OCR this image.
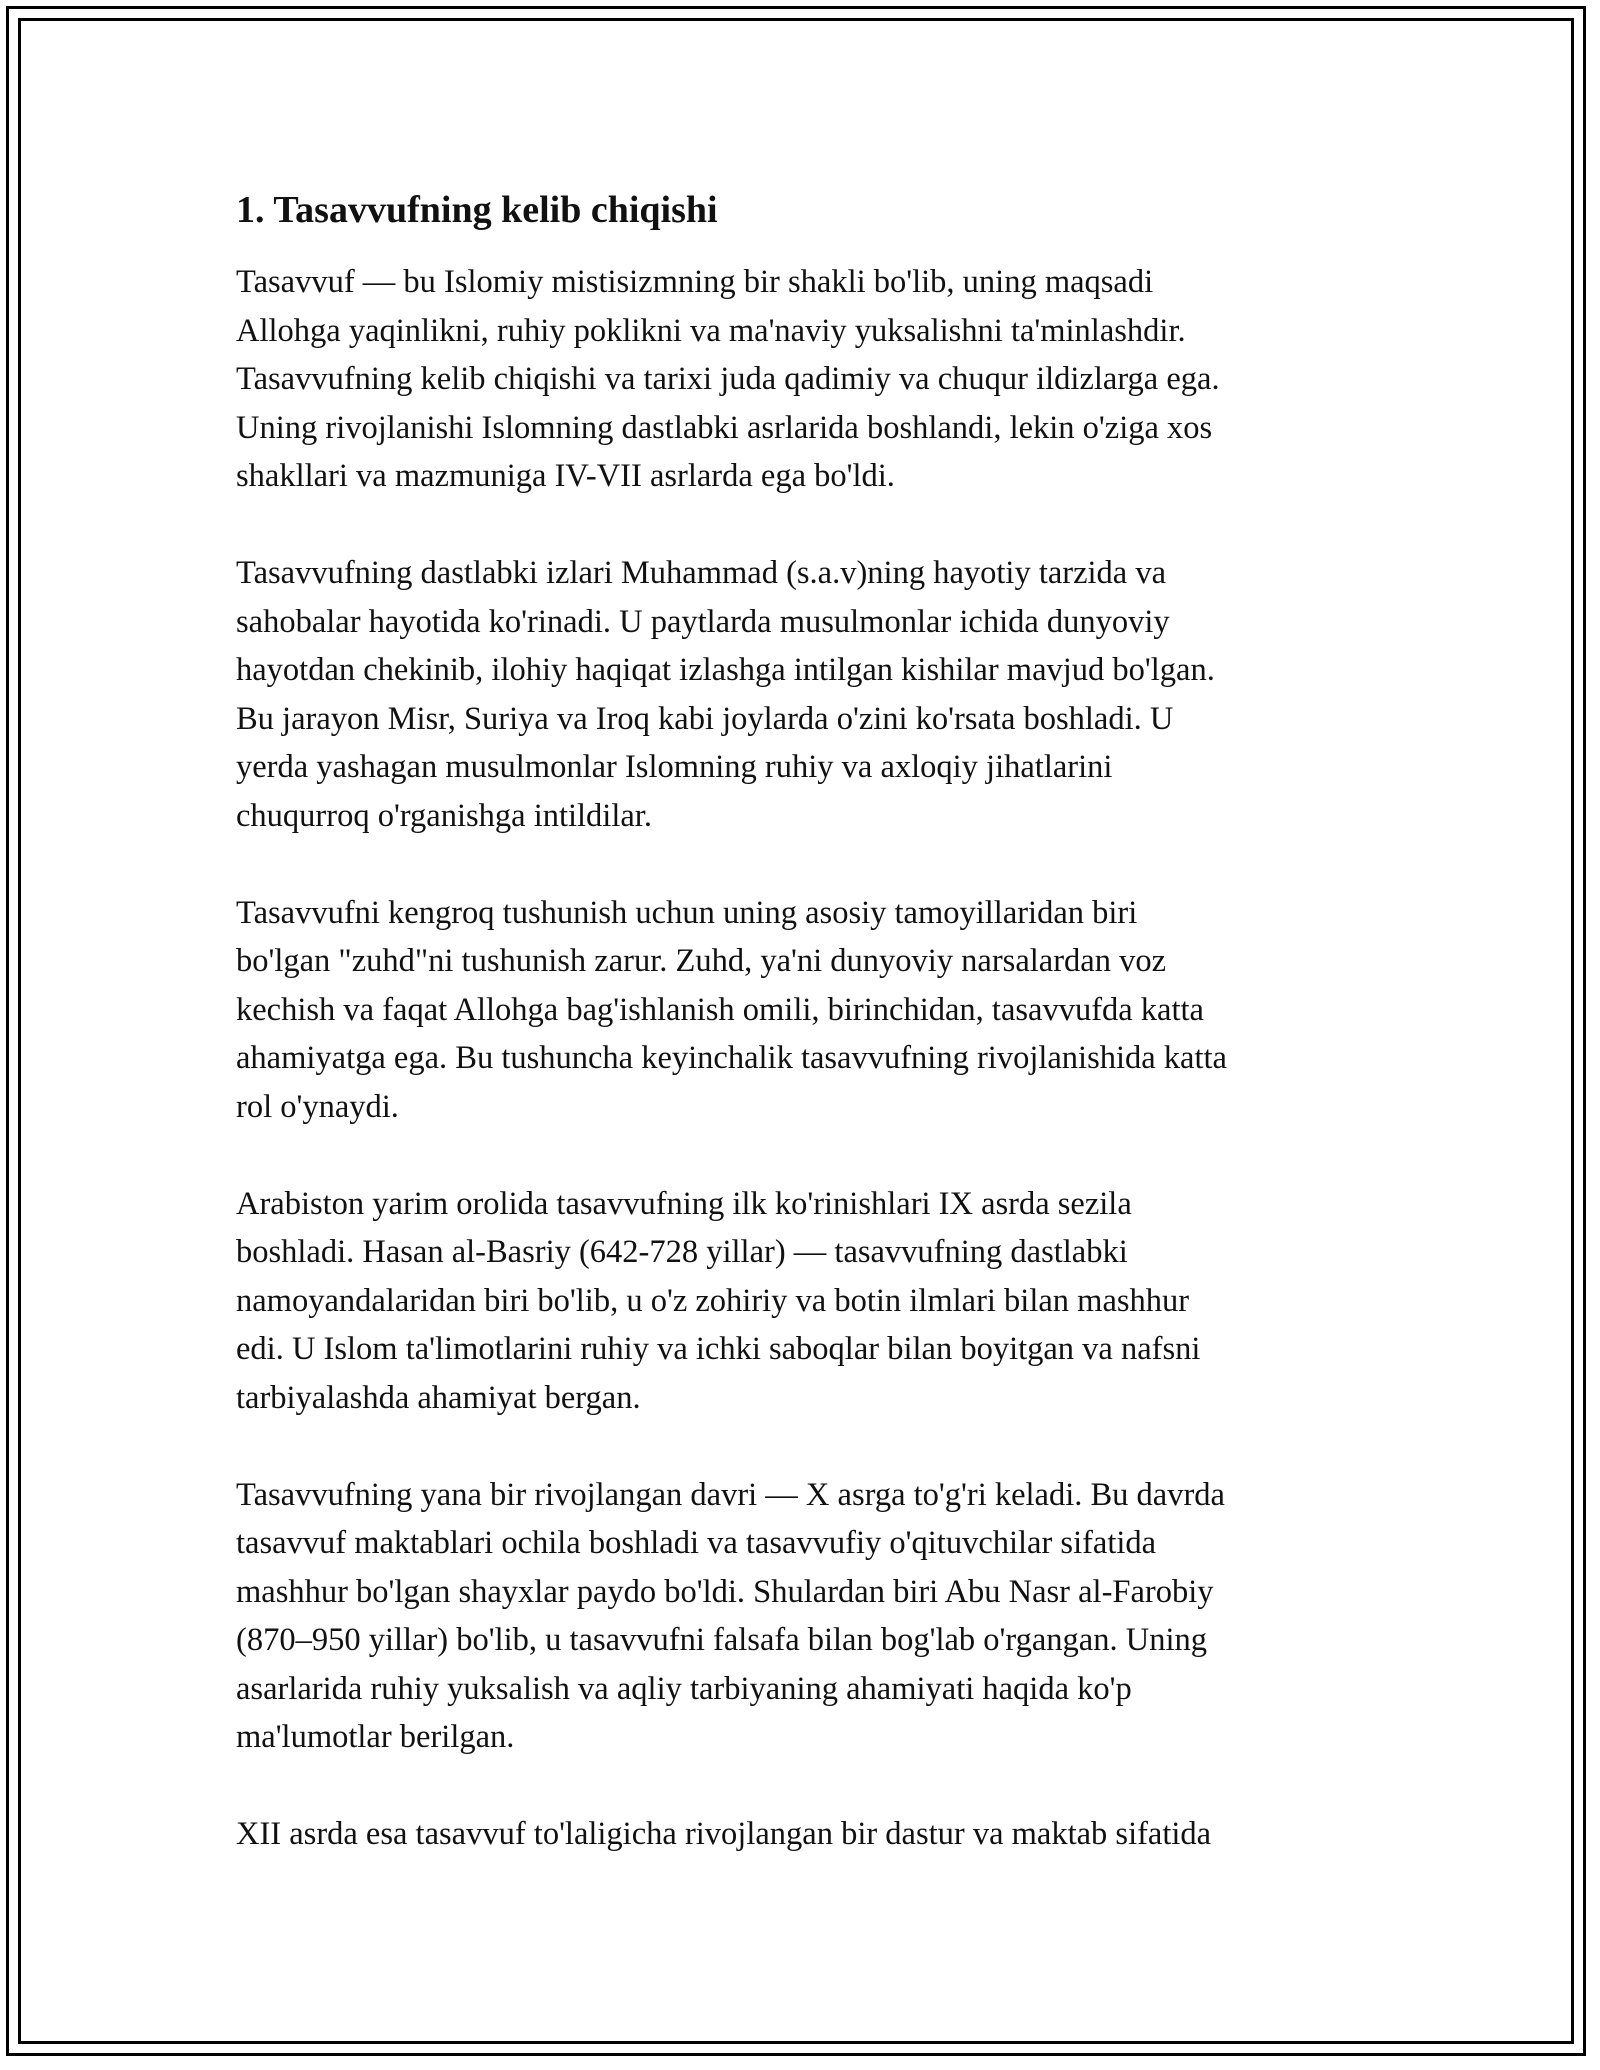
1. Tasavvufning kelib chiqishi
Tasavvuf — bu Islomiy mistisizmning bir shakli bo'lib, uning maqsadi
Allohga yaqinlikni, ruhiy poklikni va ma'naviy yuksalishni ta'minlashdir.
Tasavvufning kelib chiqishi va tarixi juda qadimiy va chuqur ildizlarga ega.
Uning rivojlanishi Islomning dastlabki asrlarida boshlandi, lekin o'ziga xos
shakllari va mazmuniga IV-VII asrlarda ega bo'ldi.
Tasavvufning dastlabki izlari Muhammad (s.a.v)ning hayotiy tarzida va
sahobalar hayotida ko'rinadi. U paytlarda musulmonlar ichida dunyoviy
hayotdan chekinib, ilohiy haqiqat izlashga intilgan kishilar mavjud bo'lgan.
Bu jarayon Misr, Suriya va Iroq kabi joylarda o'zini ko'rsata boshladi. U
yerda yashagan musulmonlar Islomning ruhiy va axloqiy jihatlarini
chuqurroq o'rganishga intildilar.
Tasavvufni kengroq tushunish uchun uning asosiy tamoyillaridan biri
bo'lgan "zuhd"ni tushunish zarur. Zuhd, ya'ni dunyoviy narsalardan voz
kechish va faqat Allohga bag'ishlanish omili, birinchidan, tasavvufda katta
ahamiyatga ega. Bu tushuncha keyinchalik tasavvufning rivojlanishida katta
rol o'ynaydi.
Arabiston yarim orolida tasavvufning ilk ko'rinishlari IX asrda sezila
boshladi. Hasan al-Basriy (642-728 yillar) — tasavvufning dastlabki
namoyandalaridan biri bo'lib, u o'z zohiriy va botin ilmlari bilan mashhur
edi. U Islom ta'limotlarini ruhiy va ichki saboqlar bilan boyitgan va nafsni
tarbiyalashda ahamiyat bergan.
Tasavvufning yana bir rivojlangan davri — X asrga to'g'ri keladi. Bu davrda
tasavvuf maktablari ochila boshladi va tasavvufiy o'qituvchilar sifatida
mashhur bo'lgan shayxlar paydo bo'ldi. Shulardan biri Abu Nasr al-Farobiy
(870–950 yillar) bo'lib, u tasavvufni falsafa bilan bog'lab o'rgangan. Uning
asarlarida ruhiy yuksalish va aqliy tarbiyaning ahamiyati haqida ko'p
ma'lumotlar berilgan.
XII asrda esa tasavvuf to'laligicha rivojlangan bir dastur va maktab sifatida
